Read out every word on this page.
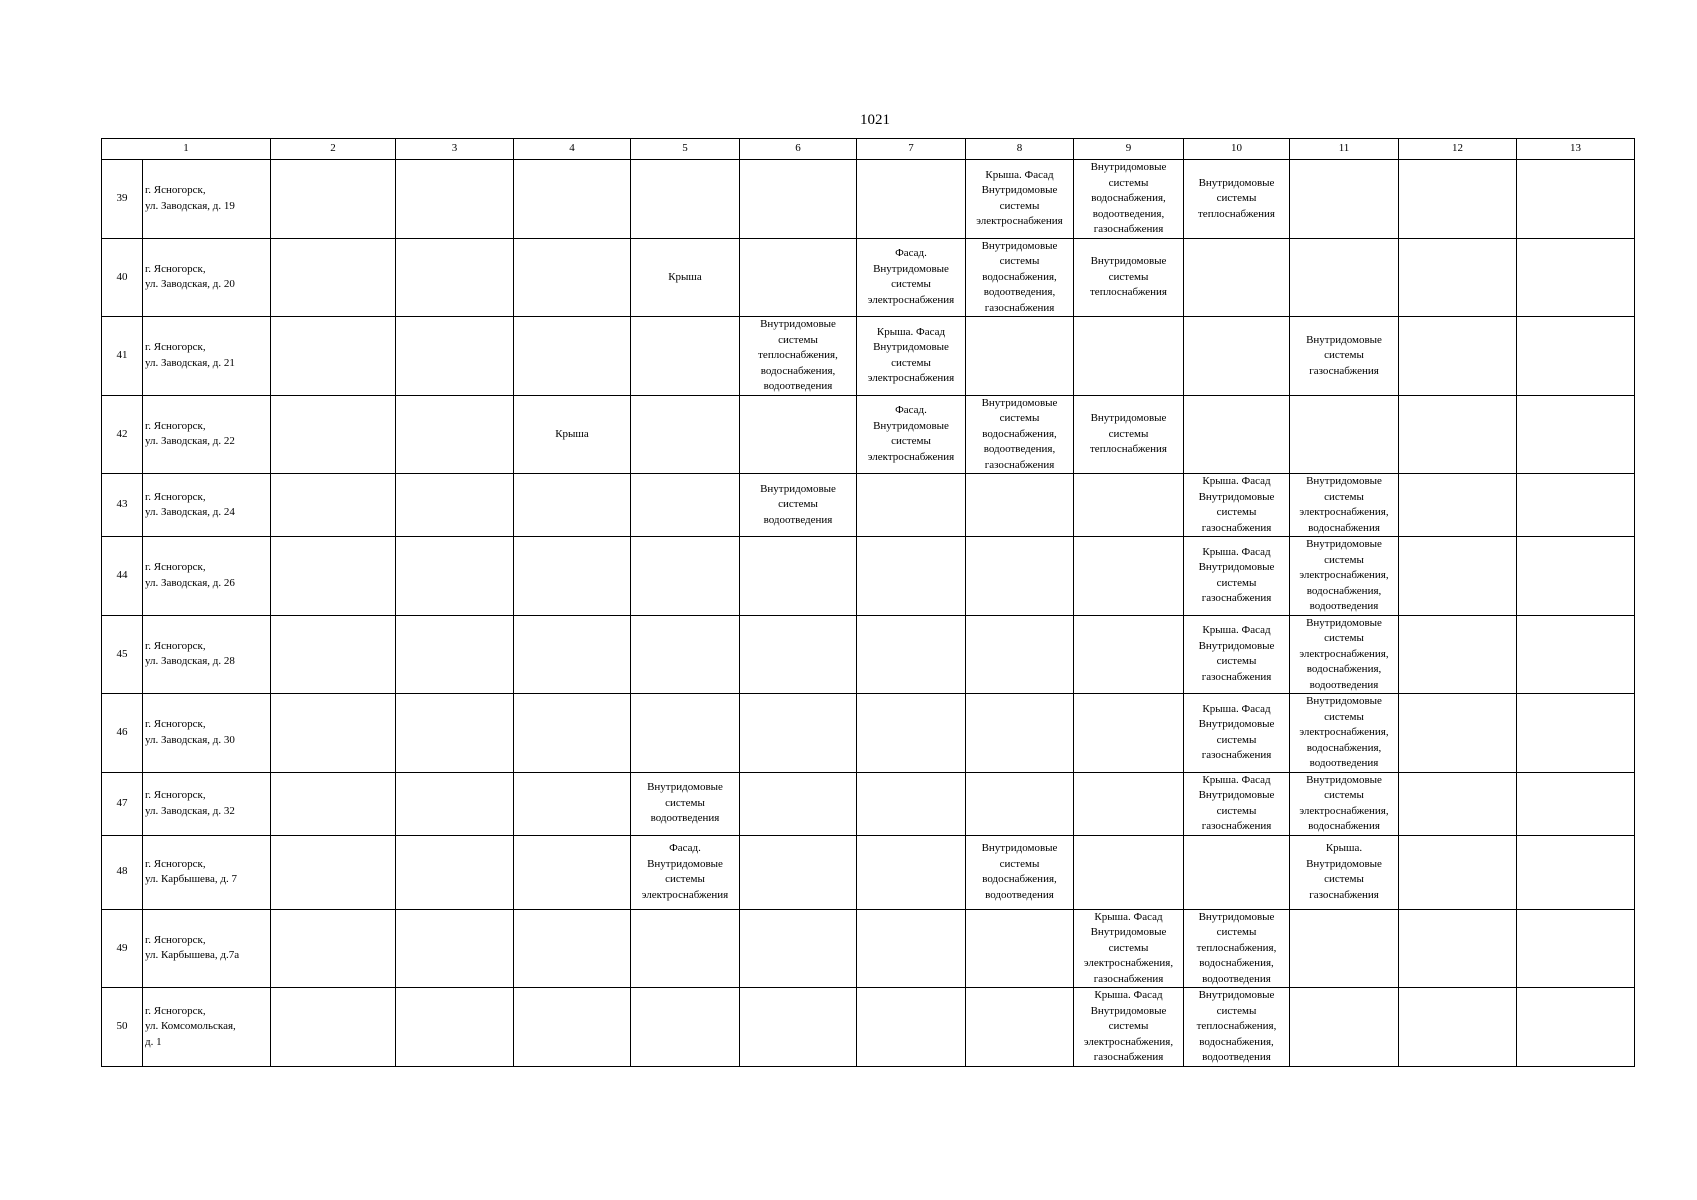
1021
1		2	3	4	5	6	7	8	9	10	11	12	13
39	г. Ясногорск,
ул. Заводская, д. 19							Крыша. Фасад
Внутридомовые
системы
электроснабжения	Внутридомовые
системы
водоснабжения,
водоотведения,
газоснабжения	Внутридомовые
системы
теплоснабжения			

40	г. Ясногорск,
ул. Заводская, д. 20				Крыша		Фасад.
Внутридомовые
системы
электроснабжения	Внутридомовые
системы
водоснабжения,
водоотведения,
газоснабжения	Внутридомовые
системы
теплоснабжения				

41	г. Ясногорск,
ул. Заводская, д. 21					Внутридомовые
системы
теплоснабжения,
водоснабжения,
водоотведения	Крыша. Фасад
Внутридомовые
системы
электроснабжения				Внутридомовые
системы
газоснабжения		

42	г. Ясногорск,
ул. Заводская, д. 22			Крыша			Фасад.
Внутридомовые
системы
электроснабжения	Внутридомовые
системы
водоснабжения,
водоотведения,
газоснабжения	Внутридомовые
системы
теплоснабжения				

43	г. Ясногорск,
ул. Заводская, д. 24					Внутридомовые
системы
водоотведения				Крыша. Фасад
Внутридомовые
системы
газоснабжения	Внутридомовые
системы
электроснабжения,
водоснабжения		

44	г. Ясногорск,
ул. Заводская, д. 26									Крыша. Фасад
Внутридомовые
системы
газоснабжения	Внутридомовые
системы
электроснабжения,
водоснабжения,
водоотведения		

45	г. Ясногорск,
ул. Заводская, д. 28									Крыша. Фасад
Внутридомовые
системы
газоснабжения	Внутридомовые
системы
электроснабжения,
водоснабжения,
водоотведения		

46	г. Ясногорск,
ул. Заводская, д. 30									Крыша. Фасад
Внутридомовые
системы
газоснабжения	Внутридомовые
системы
электроснабжения,
водоснабжения,
водоотведения		

47	г. Ясногорск,
ул. Заводская, д. 32				Внутридомовые
системы
водоотведения					Крыша. Фасад
Внутридомовые
системы
газоснабжения	Внутридомовые
системы
электроснабжения,
водоснабжения		

48	г. Ясногорск,
ул. Карбышева, д. 7				Фасад.
Внутридомовые
системы
электроснабжения			Внутридомовые
системы
водоснабжения,
водоотведения			Крыша.
Внутридомовые
системы
газоснабжения		

49	г. Ясногорск,
ул. Карбышева, д.7а								Крыша. Фасад
Внутридомовые
системы
электроснабжения,
газоснабжения	Внутридомовые
системы
теплоснабжения,
водоснабжения,
водоотведения			

50	г. Ясногорск,
ул. Комсомольская,
д. 1								Крыша. Фасад
Внутридомовые
системы
электроснабжения,
газоснабжения	Внутридомовые
системы
теплоснабжения,
водоснабжения,
водоотведения			
